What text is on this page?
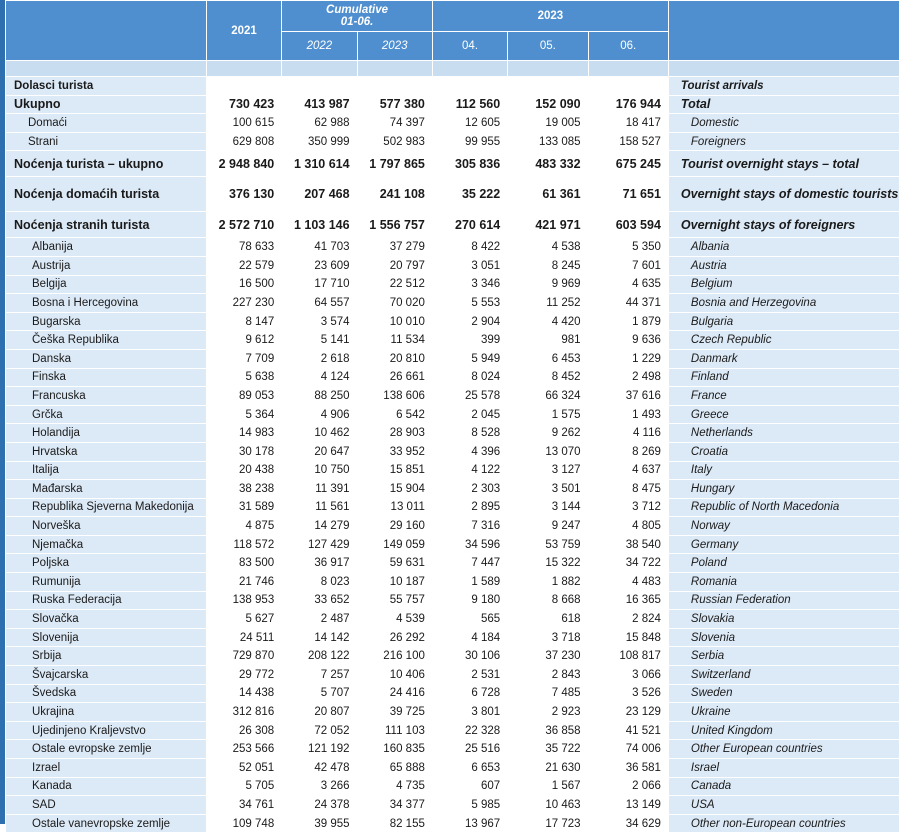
	2021	Cumulative
01-06.		2023			
		2022	2023	04.	05.	06.	

Dolasci turista							Tourist arrivals
Ukupno	730 423	413 987	577 380	112 560	152 090	176 944	Total
Domaći	100 615	62 988	74 397	12 605	19 005	18 417	Domestic
Strani	629 808	350 999	502 983	99 955	133 085	158 527	Foreigners
Noćenja turista – ukupno	2 948 840	1 310 614	1 797 865	305 836	483 332	675 245	Tourist overnight stays – total
Noćenja domaćih turista	376 130	207 468	241 108	35 222	61 361	71 651	Overnight stays of domestic tourists
Noćenja stranih turista	2 572 710	1 103 146	1 556 757	270 614	421 971	603 594	Overnight stays of foreigners
Albanija	78 633	41 703	37 279	8 422	4 538	5 350	Albania
Austrija	22 579	23 609	20 797	3 051	8 245	7 601	Austria
Belgija	16 500	17 710	22 512	3 346	9 969	4 635	Belgium
Bosna i Hercegovina	227 230	64 557	70 020	5 553	11 252	44 371	Bosnia and Herzegovina
Bugarska	8 147	3 574	10 010	2 904	4 420	1 879	Bulgaria
Češka Republika	9 612	5 141	11 534	399	981	9 636	Czech Republic
Danska	7 709	2 618	20 810	5 949	6 453	1 229	Danmark
Finska	5 638	4 124	26 661	8 024	8 452	2 498	Finland
Francuska	89 053	88 250	138 606	25 578	66 324	37 616	France
Grčka	5 364	4 906	6 542	2 045	1 575	1 493	Greece
Holandija	14 983	10 462	28 903	8 528	9 262	4 116	Netherlands
Hrvatska	30 178	20 647	33 952	4 396	13 070	8 269	Croatia
Italija	20 438	10 750	15 851	4 122	3 127	4 637	Italy
Mađarska	38 238	11 391	15 904	2 303	3 501	8 475	Hungary
Republika Sjeverna Makedonija	31 589	11 561	13 011	2 895	3 144	3 712	Republic of North Macedonia
Norveška	4 875	14 279	29 160	7 316	9 247	4 805	Norway
Njemačka	118 572	127 429	149 059	34 596	53 759	38 540	Germany
Poljska	83 500	36 917	59 631	7 447	15 322	34 722	Poland
Rumunija	21 746	8 023	10 187	1 589	1 882	4 483	Romania
Ruska Federacija	138 953	33 652	55 757	9 180	8 668	16 365	Russian Federation
Slovačka	5 627	2 487	4 539	565	618	2 824	Slovakia
Slovenija	24 511	14 142	26 292	4 184	3 718	15 848	Slovenia
Srbija	729 870	208 122	216 100	30 106	37 230	108 817	Serbia
Švajcarska	29 772	7 257	10 406	2 531	2 843	3 066	Switzerland
Švedska	14 438	5 707	24 416	6 728	7 485	3 526	Sweden
Ukrajina	312 816	20 807	39 725	3 801	2 923	23 129	Ukraine
Ujedinjeno Kraljevstvo	26 308	72 052	111 103	22 328	36 858	41 521	United Kingdom
Ostale evropske zemlje	253 566	121 192	160 835	25 516	35 722	74 006	Other European countries
Izrael	52 051	42 478	65 888	6 653	21 630	36 581	Israel
Kanada	5 705	3 266	4 735	607	1 567	2 066	Canada
SAD	34 761	24 378	34 377	5 985	10 463	13 149	USA
Ostale vanevropske zemlje	109 748	39 955	82 155	13 967	17 723	34 629	Other non-European countries
